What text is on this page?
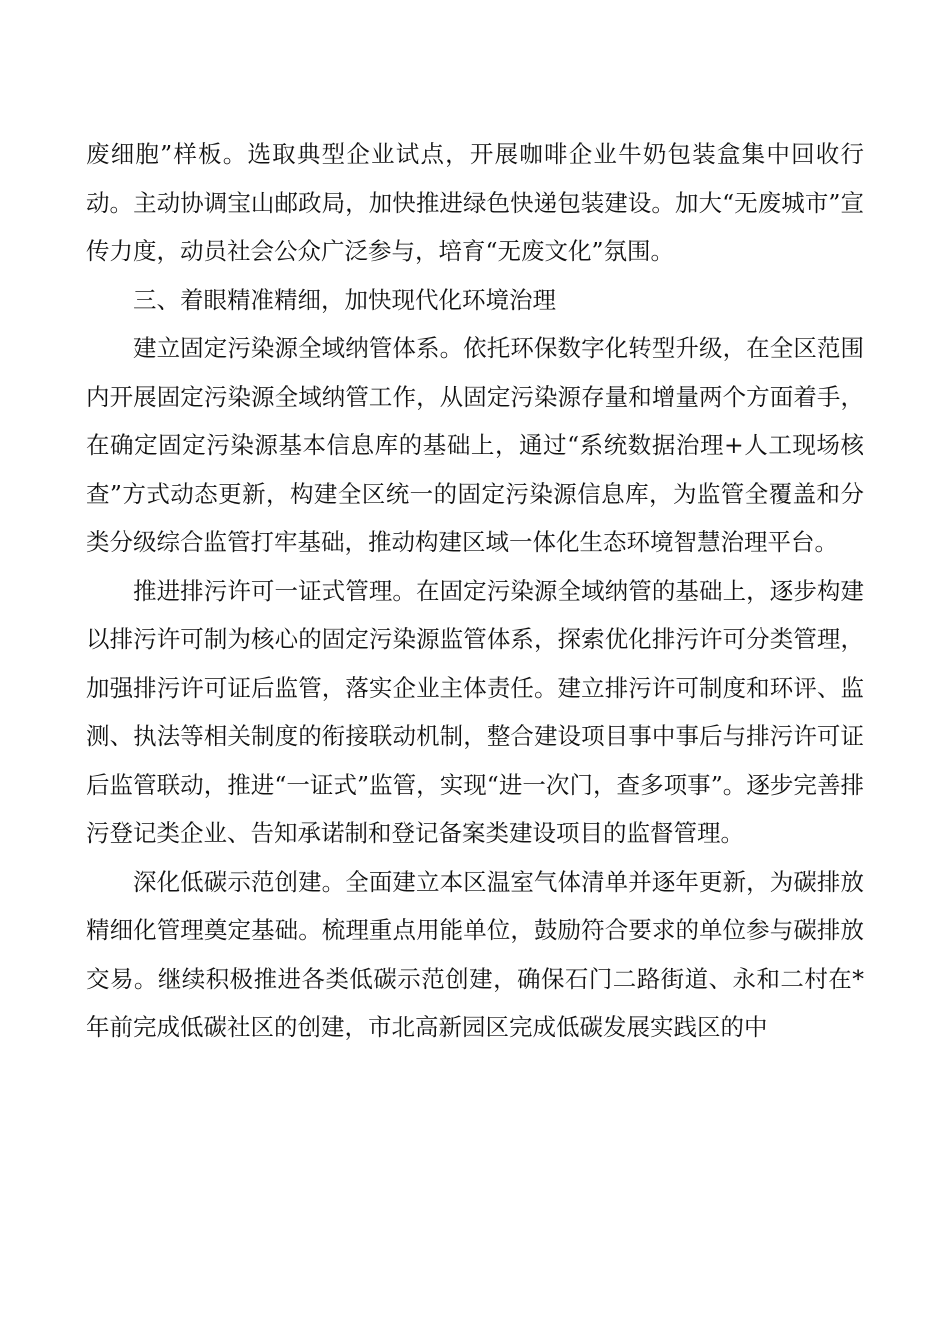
废细胞”样板。选取典型企业试点，开展咖啡企业牛奶包装盒集中回收行动。主动协调宝山邮政局，加快推进绿色快递包装建设。加大“无废城市”宣传力度，动员社会公众广泛参与，培育“无废文化”氛围。

三、着眼精准精细，加快现代化环境治理

建立固定污染源全域纳管体系。依托环保数字化转型升级，在全区范围内开展固定污染源全域纳管工作，从固定污染源存量和增量两个方面着手，在确定固定污染源基本信息库的基础上，通过“系统数据治理+人工现场核查”方式动态更新，构建全区统一的固定污染源信息库，为监管全覆盖和分类分级综合监管打牢基础，推动构建区域一体化生态环境智慧治理平台。

推进排污许可一证式管理。在固定污染源全域纳管的基础上，逐步构建以排污许可制为核心的固定污染源监管体系，探索优化排污许可分类管理，加强排污许可证后监管，落实企业主体责任。建立排污许可制度和环评、监测、执法等相关制度的衔接联动机制，整合建设项目事中事后与排污许可证后监管联动，推进“一证式”监管，实现“进一次门，查多项事”。逐步完善排污登记类企业、告知承诺制和登记备案类建设项目的监督管理。

深化低碳示范创建。全面建立本区温室气体清单并逐年更新，为碳排放精细化管理奠定基础。梳理重点用能单位，鼓励符合要求的单位参与碳排放交易。继续积极推进各类低碳示范创建，确保石门二路街道、永和二村在*年前完成低碳社区的创建，市北高新园区完成低碳发展实践区的中
